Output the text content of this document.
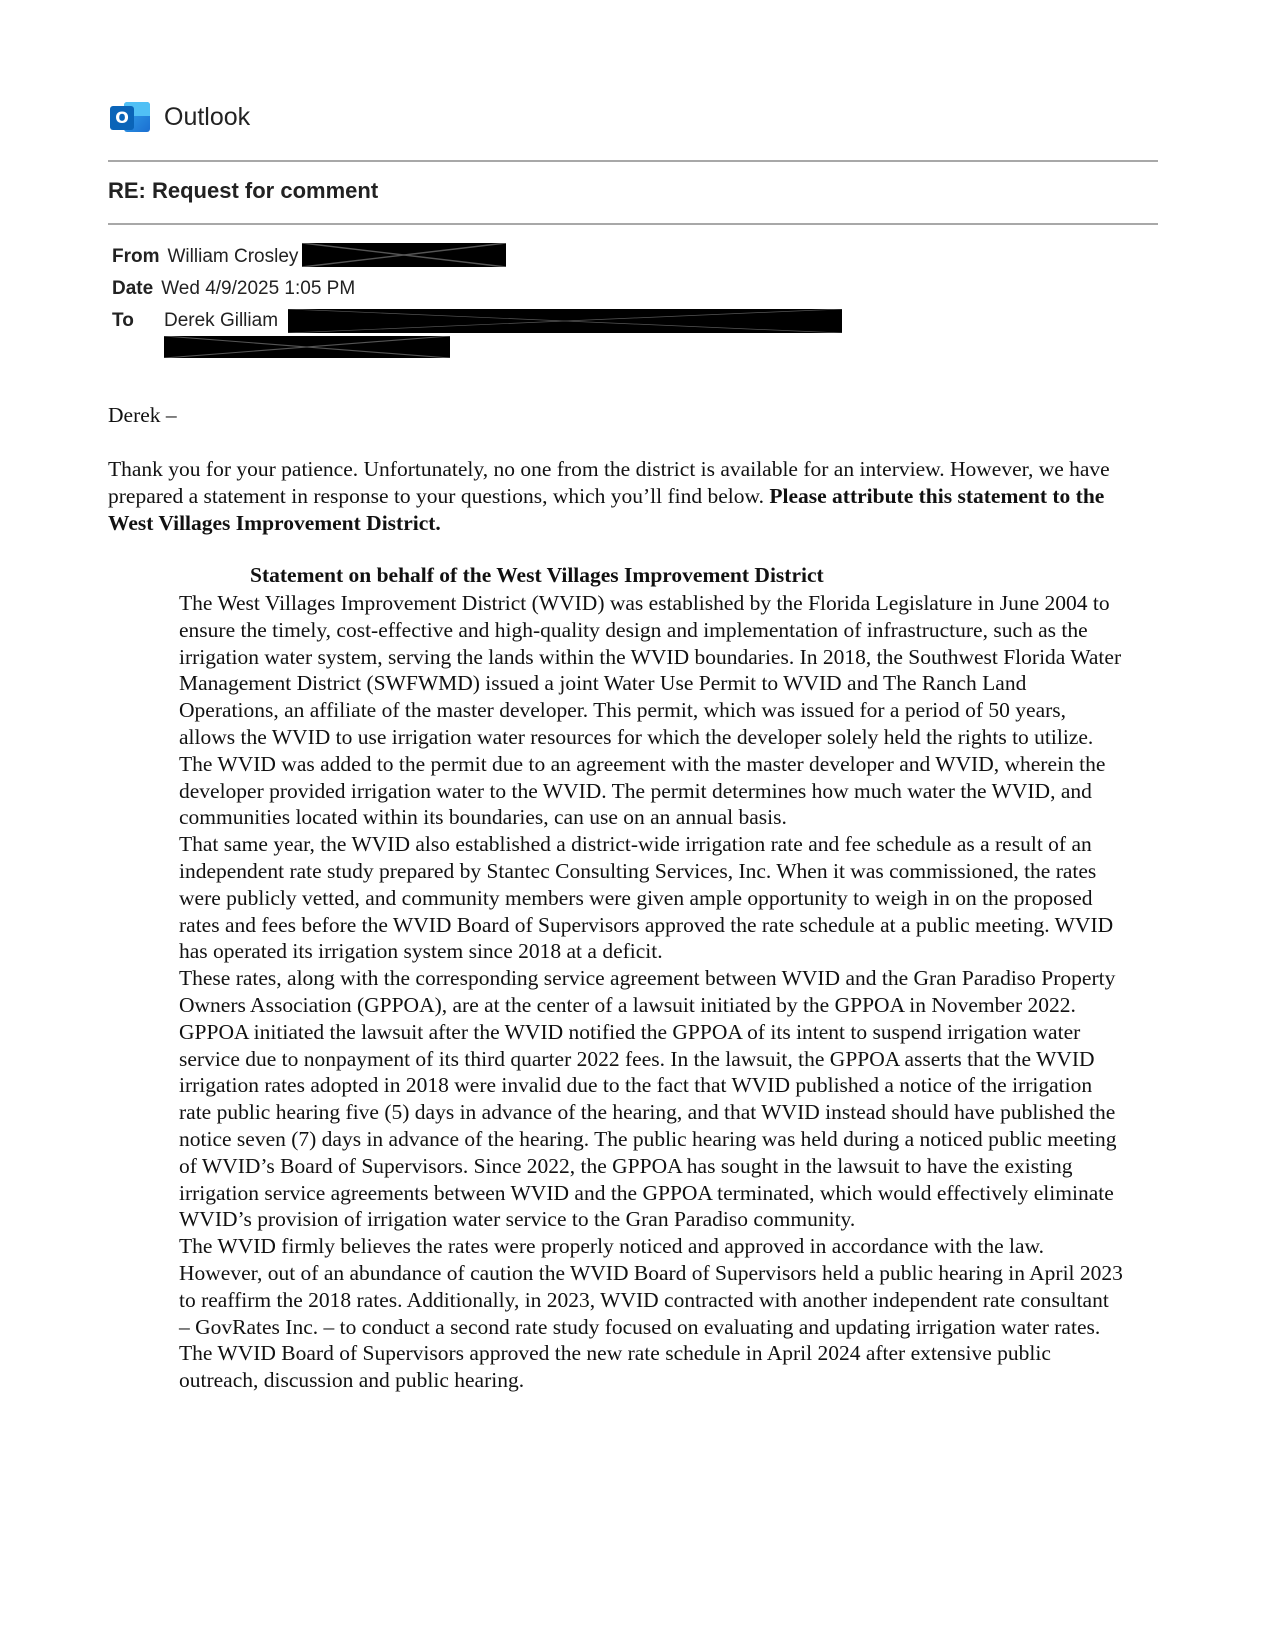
O Outlook
RE: Request for comment
From William Crosley
Date Wed 4/9/2025 1:05 PM
To Derek Gilliam
Derek –
Thank you for your patience. Unfortunately, no one from the district is available for an interview. However, we have prepared a statement in response to your questions, which you’ll find below. Please attribute this statement to the West Villages Improvement District.
Statement on behalf of the West Villages Improvement District

The West Villages Improvement District (WVID) was established by the Florida Legislature in June 2004 to ensure the timely, cost-effective and high-quality design and implementation of infrastructure, such as the irrigation water system, serving the lands within the WVID boundaries. In 2018, the Southwest Florida Water Management District (SWFWMD) issued a joint Water Use Permit to WVID and The Ranch Land Operations, an affiliate of the master developer. This permit, which was issued for a period of 50 years, allows the WVID to use irrigation water resources for which the developer solely held the rights to utilize. The WVID was added to the permit due to an agreement with the master developer and WVID, wherein the developer provided irrigation water to the WVID. The permit determines how much water the WVID, and communities located within its boundaries, can use on an annual basis.

That same year, the WVID also established a district-wide irrigation rate and fee schedule as a result of an independent rate study prepared by Stantec Consulting Services, Inc. When it was commissioned, the rates were publicly vetted, and community members were given ample opportunity to weigh in on the proposed rates and fees before the WVID Board of Supervisors approved the rate schedule at a public meeting. WVID has operated its irrigation system since 2018 at a deficit.

These rates, along with the corresponding service agreement between WVID and the Gran Paradiso Property Owners Association (GPPOA), are at the center of a lawsuit initiated by the GPPOA in November 2022. GPPOA initiated the lawsuit after the WVID notified the GPPOA of its intent to suspend irrigation water service due to nonpayment of its third quarter 2022 fees. In the lawsuit, the GPPOA asserts that the WVID irrigation rates adopted in 2018 were invalid due to the fact that WVID published a notice of the irrigation rate public hearing five (5) days in advance of the hearing, and that WVID instead should have published the notice seven (7) days in advance of the hearing. The public hearing was held during a noticed public meeting of WVID’s Board of Supervisors. Since 2022, the GPPOA has sought in the lawsuit to have the existing irrigation service agreements between WVID and the GPPOA terminated, which would effectively eliminate WVID’s provision of irrigation water service to the Gran Paradiso community.

The WVID firmly believes the rates were properly noticed and approved in accordance with the law. However, out of an abundance of caution the WVID Board of Supervisors held a public hearing in April 2023 to reaffirm the 2018 rates. Additionally, in 2023, WVID contracted with another independent rate consultant – GovRates Inc. – to conduct a second rate study focused on evaluating and updating irrigation water rates. The WVID Board of Supervisors approved the new rate schedule in April 2024 after extensive public outreach, discussion and public hearing.
